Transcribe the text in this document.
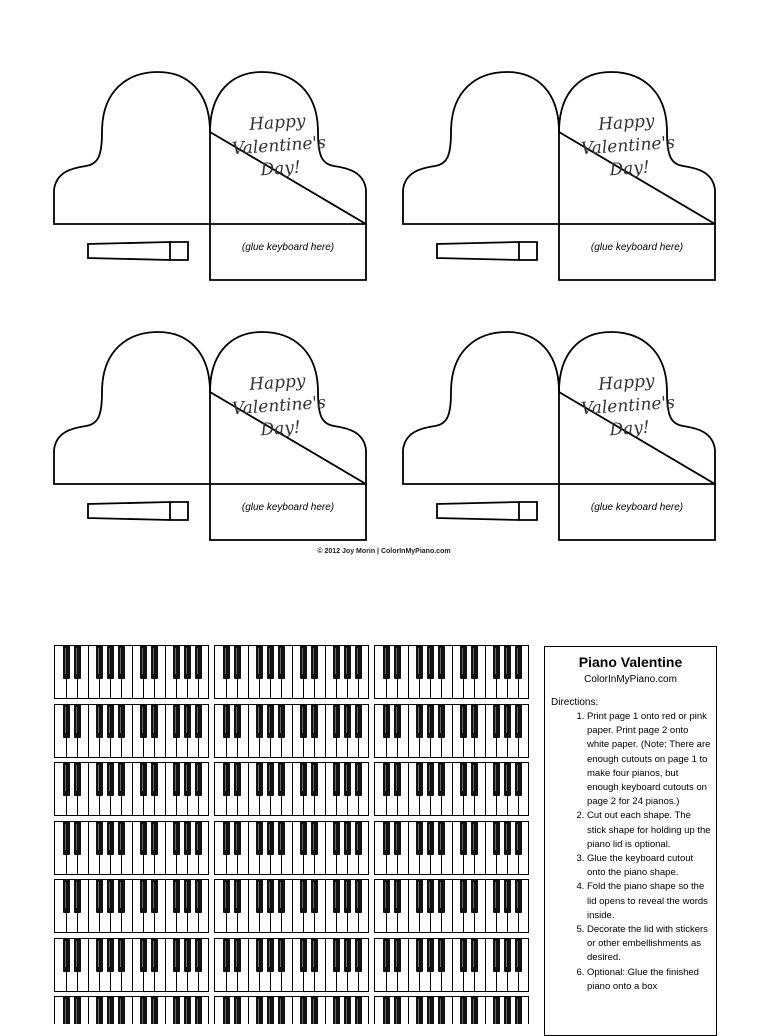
Happy
Valentine's
Day!
(glue keyboard here)
Happy
Valentine's
Day!
(glue keyboard here)
Happy
Valentine's
Day!
(glue keyboard here)
Happy
Valentine's
Day!
(glue keyboard here)
© 2012 Joy Morin | ColorInMyPiano.com
Piano Valentine
ColorInMyPiano.com
Directions:
1. Print page 1 onto red or pink paper. Print page 2 onto white paper. (Note: There are enough cutouts on page 1 to make four pianos, but enough keyboard cutouts on page 2 for 24 pianos.)
2. Cut out each shape. The stick shape for holding up the piano lid is optional.
3. Glue the keyboard cutout onto the piano shape.
4. Fold the piano shape so the lid opens to reveal the words inside.
5. Decorate the lid with stickers or other embellishments as desired.
6. Optional: Glue the finished piano onto a box
